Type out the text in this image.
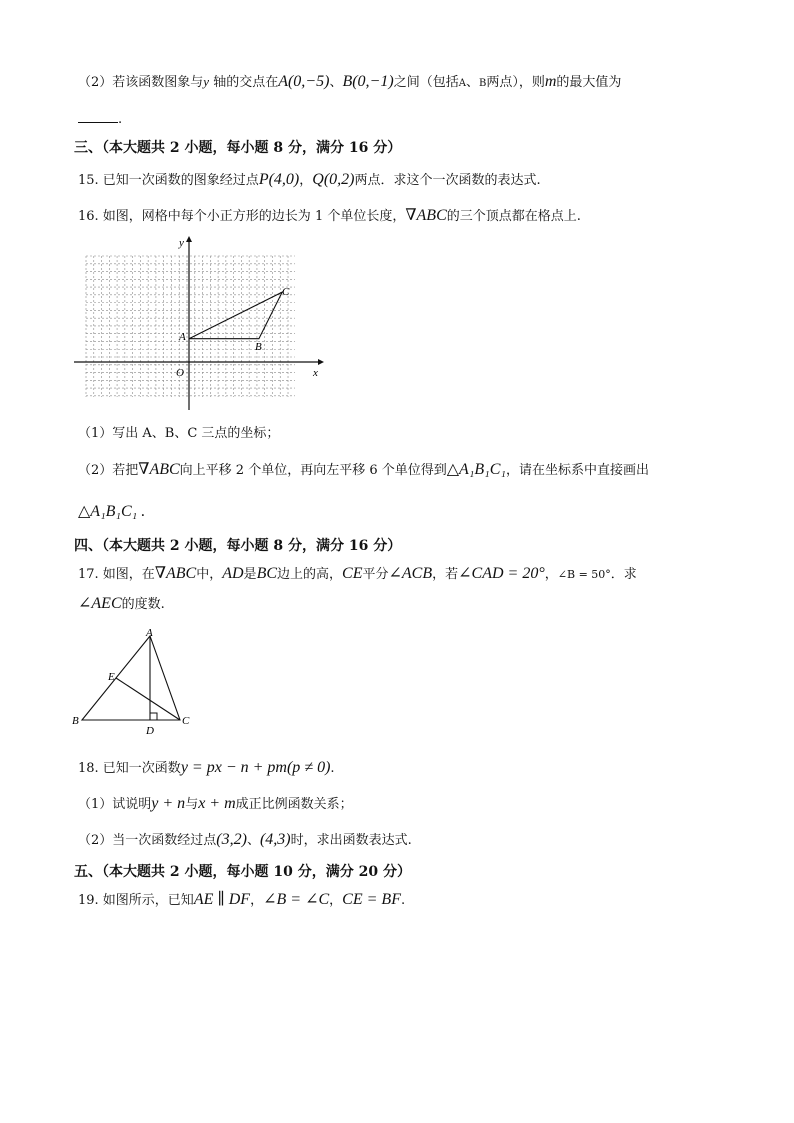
（2）若该函数图象与y 轴的交点在A(0,−5)、B(0,−1)之间（包括A、B两点），则m的最大值为
.
三、（本大题共 2 小题，每小题 8 分，满分 16 分）
15. 已知一次函数的图象经过点P(4,0)，Q(0,2)两点．求这个一次函数的表达式.
16. 如图，网格中每个小正方形的边长为 1 个单位长度，∇ABC的三个顶点都在格点上.
y
x
O
A
B
C
（1）写出 A、B、C 三点的坐标；
（2）若把∇ABC向上平移 2 个单位，再向左平移 6 个单位得到△A₁B₁C₁，请在坐标系中直接画出
△A₁B₁C₁ .
四、（本大题共 2 小题，每小题 8 分，满分 16 分）
17. 如图，在∇ABC中，AD是BC边上的高，CE平分∠ACB，若∠CAD = 20°，∠B = 50°．求
∠AEC的度数.
A
E
B
D
C
18. 已知一次函数y = px − n + pm(p ≠ 0).
（1）试说明y + n与x + m成正比例函数关系；
（2）当一次函数经过点(3,2)、(4,3)时，求出函数表达式.
五、（本大题共 2 小题，每小题 10 分，满分 20 分）
19. 如图所示，已知AE ∥ DF，∠B = ∠C，CE = BF.
